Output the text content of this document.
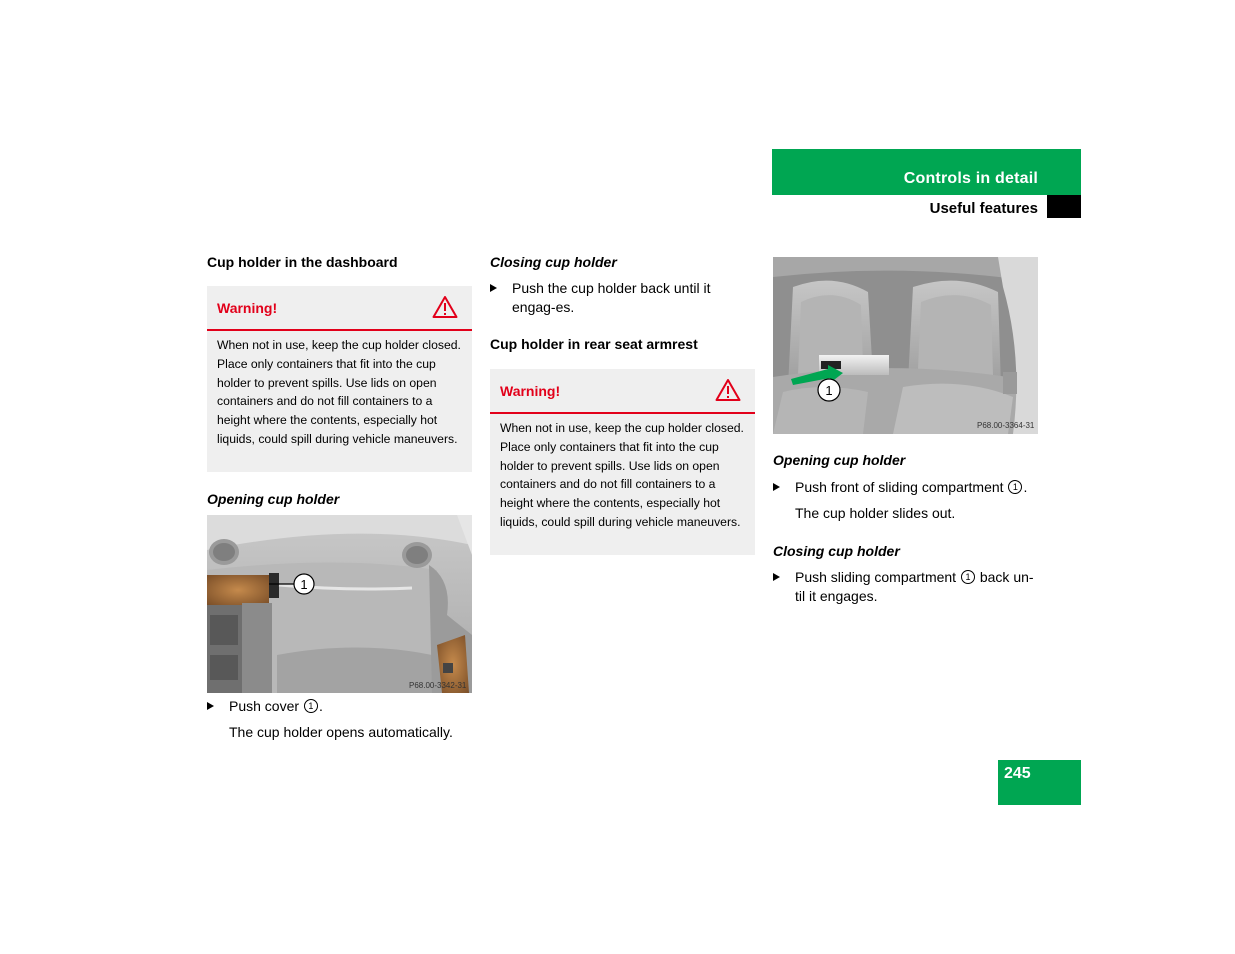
Controls in detail
Useful features
Cup holder in the dashboard
Warning!
When not in use, keep the cup holder closed. Place only containers that fit into the cup holder to prevent spills. Use lids on open containers and do not fill containers to a height where the contents, especially hot liquids, could spill during vehicle maneuvers.
Opening cup holder
1
P68.00-3342-31
Push cover 1 .
The cup holder opens automatically.
Closing cup holder
Push the cup holder back until it engag-es.
Cup holder in rear seat armrest
Warning!
When not in use, keep the cup holder closed. Place only containers that fit into the cup holder to prevent spills. Use lids on open containers and do not fill containers to a height where the contents, especially hot liquids, could spill during vehicle maneuvers.
1
P68.00-3364-31
Opening cup holder
Push front of sliding compartment 1 .
The cup holder slides out.
Closing cup holder
Push sliding compartment 1 back un-til it engages.
245
